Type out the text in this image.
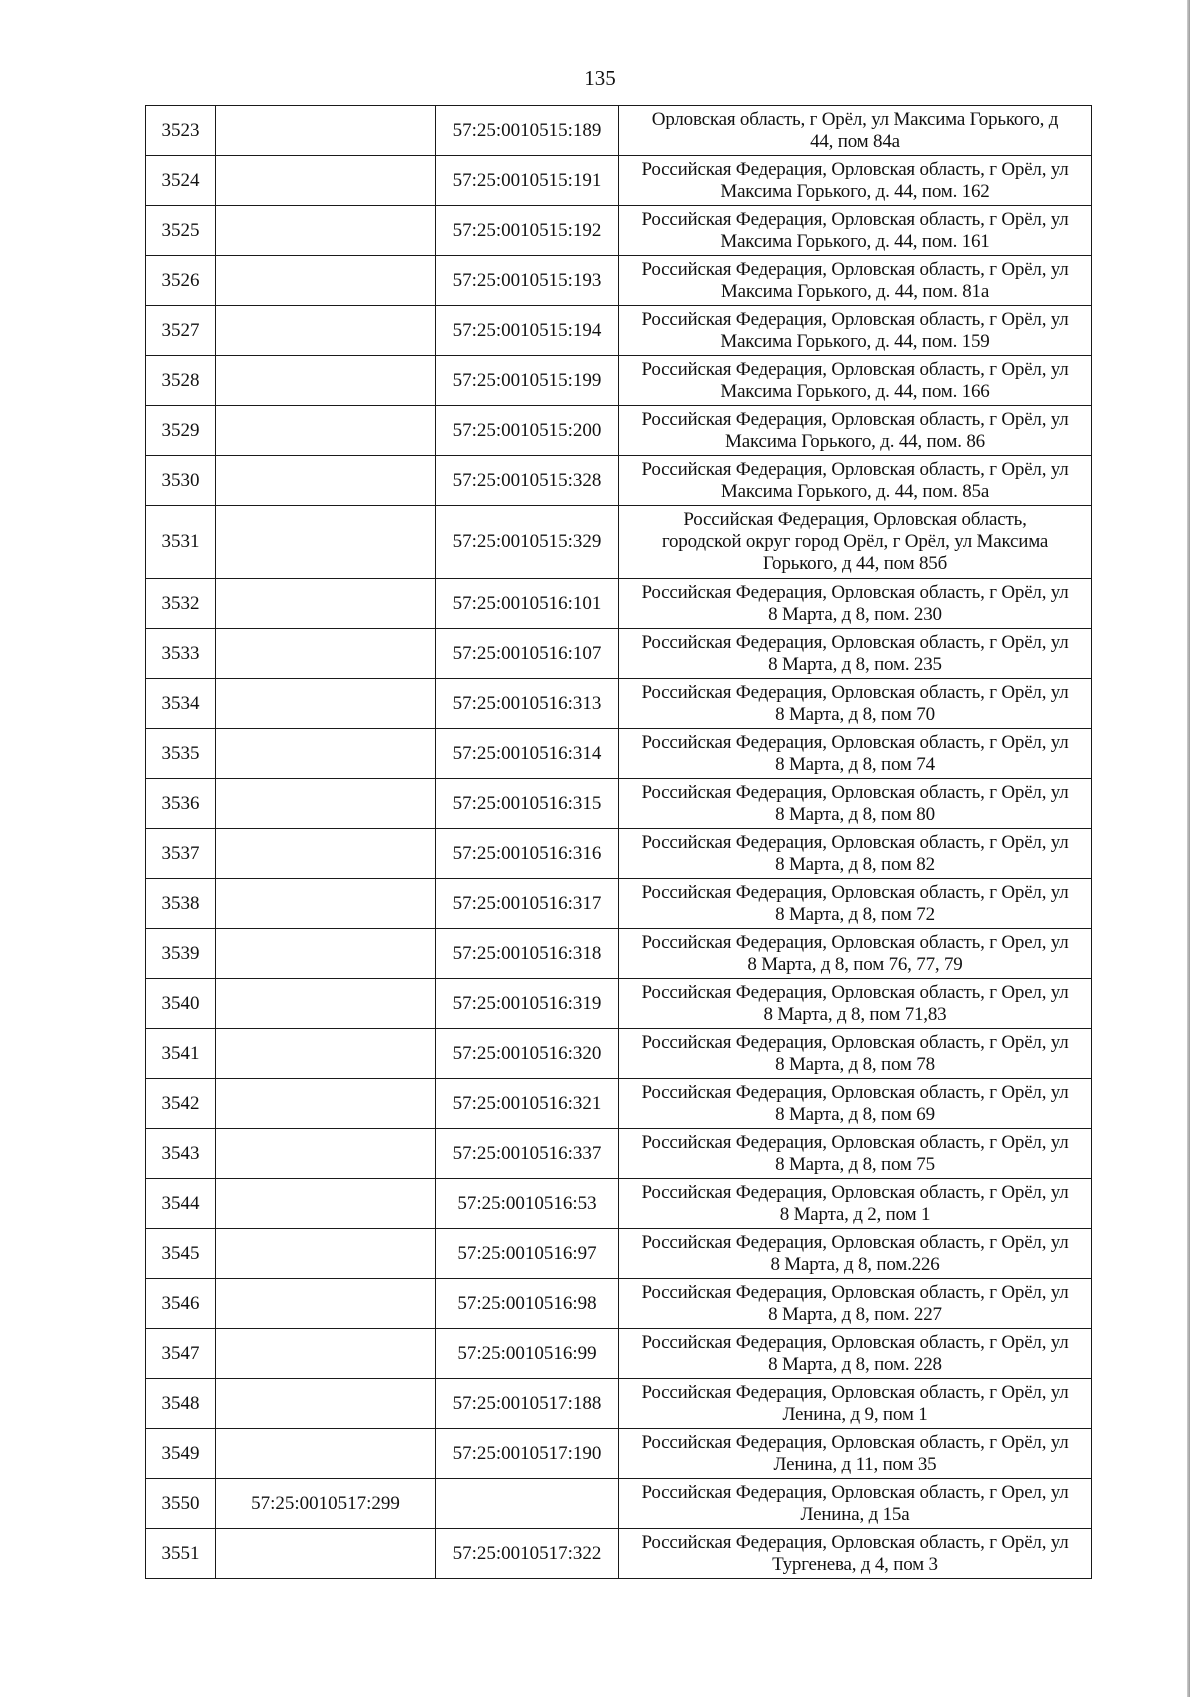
135
3523		57:25:0010515:189	Орловская область, г Орёл, ул Максима Горького, д
44, пом 84а
3524		57:25:0010515:191	Российская Федерация, Орловская область, г Орёл, ул
Максима Горького, д. 44, пом. 162
3525		57:25:0010515:192	Российская Федерация, Орловская область, г Орёл, ул
Максима Горького, д. 44, пом. 161
3526		57:25:0010515:193	Российская Федерация, Орловская область, г Орёл, ул
Максима Горького, д. 44, пом. 81а
3527		57:25:0010515:194	Российская Федерация, Орловская область, г Орёл, ул
Максима Горького, д. 44, пом. 159
3528		57:25:0010515:199	Российская Федерация, Орловская область, г Орёл, ул
Максима Горького, д. 44, пом. 166
3529		57:25:0010515:200	Российская Федерация, Орловская область, г Орёл, ул
Максима Горького, д. 44, пом. 86
3530		57:25:0010515:328	Российская Федерация, Орловская область, г Орёл, ул
Максима Горького, д. 44, пом. 85а
3531		57:25:0010515:329	Российская Федерация, Орловская область,
городской округ город Орёл, г Орёл, ул Максима
Горького, д 44, пом 85б
3532		57:25:0010516:101	Российская Федерация, Орловская область, г Орёл, ул
8 Марта, д 8, пом. 230
3533		57:25:0010516:107	Российская Федерация, Орловская область, г Орёл, ул
8 Марта, д 8, пом. 235
3534		57:25:0010516:313	Российская Федерация, Орловская область, г Орёл, ул
8 Марта, д 8, пом 70
3535		57:25:0010516:314	Российская Федерация, Орловская область, г Орёл, ул
8 Марта, д 8, пом 74
3536		57:25:0010516:315	Российская Федерация, Орловская область, г Орёл, ул
8 Марта, д 8, пом 80
3537		57:25:0010516:316	Российская Федерация, Орловская область, г Орёл, ул
8 Марта, д 8, пом 82
3538		57:25:0010516:317	Российская Федерация, Орловская область, г Орёл, ул
8 Марта, д 8, пом 72
3539		57:25:0010516:318	Российская Федерация, Орловская область, г Орел, ул
8 Марта, д 8, пом 76, 77, 79
3540		57:25:0010516:319	Российская Федерация, Орловская область, г Орел, ул
8 Марта, д 8, пом 71,83
3541		57:25:0010516:320	Российская Федерация, Орловская область, г Орёл, ул
8 Марта, д 8, пом 78
3542		57:25:0010516:321	Российская Федерация, Орловская область, г Орёл, ул
8 Марта, д 8, пом 69
3543		57:25:0010516:337	Российская Федерация, Орловская область, г Орёл, ул
8 Марта, д 8, пом 75
3544		57:25:0010516:53	Российская Федерация, Орловская область, г Орёл, ул
8 Марта, д 2, пом 1
3545		57:25:0010516:97	Российская Федерация, Орловская область, г Орёл, ул
8 Марта, д 8, пом.226
3546		57:25:0010516:98	Российская Федерация, Орловская область, г Орёл, ул
8 Марта, д 8, пом. 227
3547		57:25:0010516:99	Российская Федерация, Орловская область, г Орёл, ул
8 Марта, д 8, пом. 228
3548		57:25:0010517:188	Российская Федерация, Орловская область, г Орёл, ул
Ленина, д 9, пом 1
3549		57:25:0010517:190	Российская Федерация, Орловская область, г Орёл, ул
Ленина, д 11, пом 35
3550	57:25:0010517:299		Российская Федерация, Орловская область, г Орел, ул
Ленина, д 15а
3551		57:25:0010517:322	Российская Федерация, Орловская область, г Орёл, ул
Тургенева, д 4, пом 3
